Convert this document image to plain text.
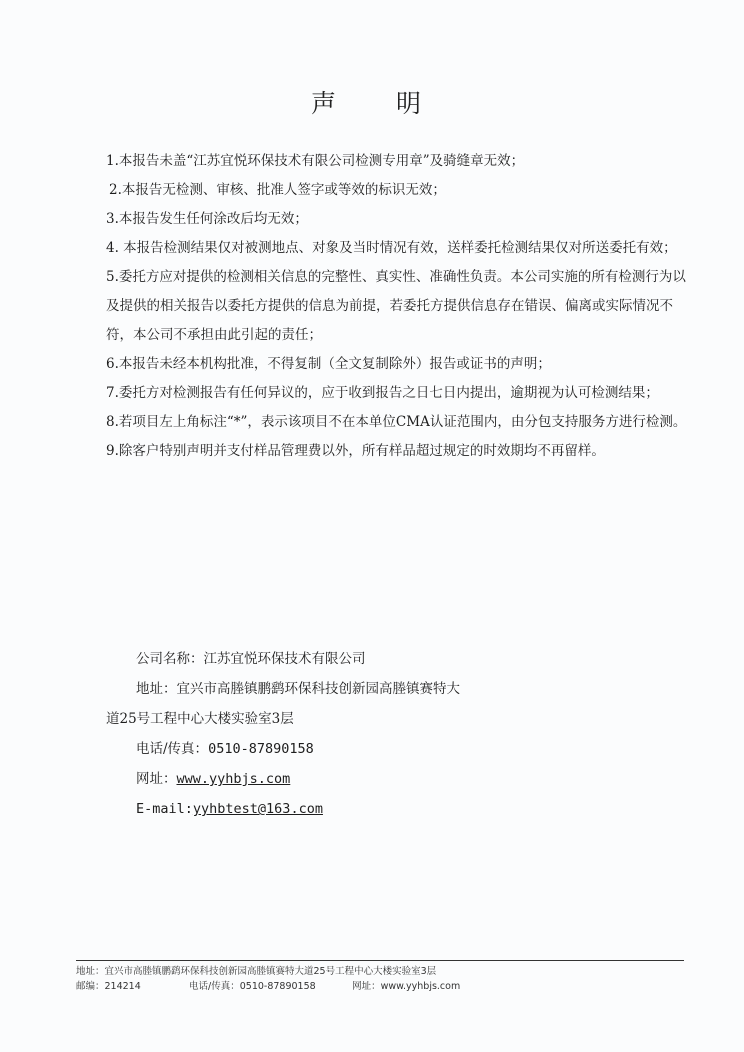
声 明

1.本报告未盖“江苏宜悦环保技术有限公司检测专用章”及骑缝章无效；

2.本报告无检测、审核、批准人签字或等效的标识无效；

3.本报告发生任何涂改后均无效；

4. 本报告检测结果仅对被测地点、对象及当时情况有效，送样委托检测结果仅对所送委托有效；

5.委托方应对提供的检测相关信息的完整性、真实性、准确性负责。本公司实施的所有检测行为以及提供的相关报告以委托方提供的信息为前提，若委托方提供信息存在错误、偏离或实际情况不符，本公司不承担由此引起的责任；

6.本报告未经本机构批准，不得复制（全文复制除外）报告或证书的声明；

7.委托方对检测报告有任何异议的，应于收到报告之日七日内提出，逾期视为认可检测结果；

8.若项目左上角标注“*”，表示该项目不在本单位CMA认证范围内，由分包支持服务方进行检测。

9.除客户特别声明并支付样品管理费以外，所有样品超过规定的时效期均不再留样。

公司名称：江苏宜悦环保技术有限公司
地址：宜兴市高塍镇鹏鹞环保科技创新园高塍镇赛特大
道25号工程中心大楼实验室3层
电话/传真：0510-87890158
网址：www.yyhbjs.com
E-mail:yyhbtest@163.com
地址：宜兴市高塍镇鹏鹞环保科技创新园高塍镇赛特大道25号工程中心大楼实验室3层
邮编：214214	电话/传真：0510-87890158	网址：www.yyhbjs.com
